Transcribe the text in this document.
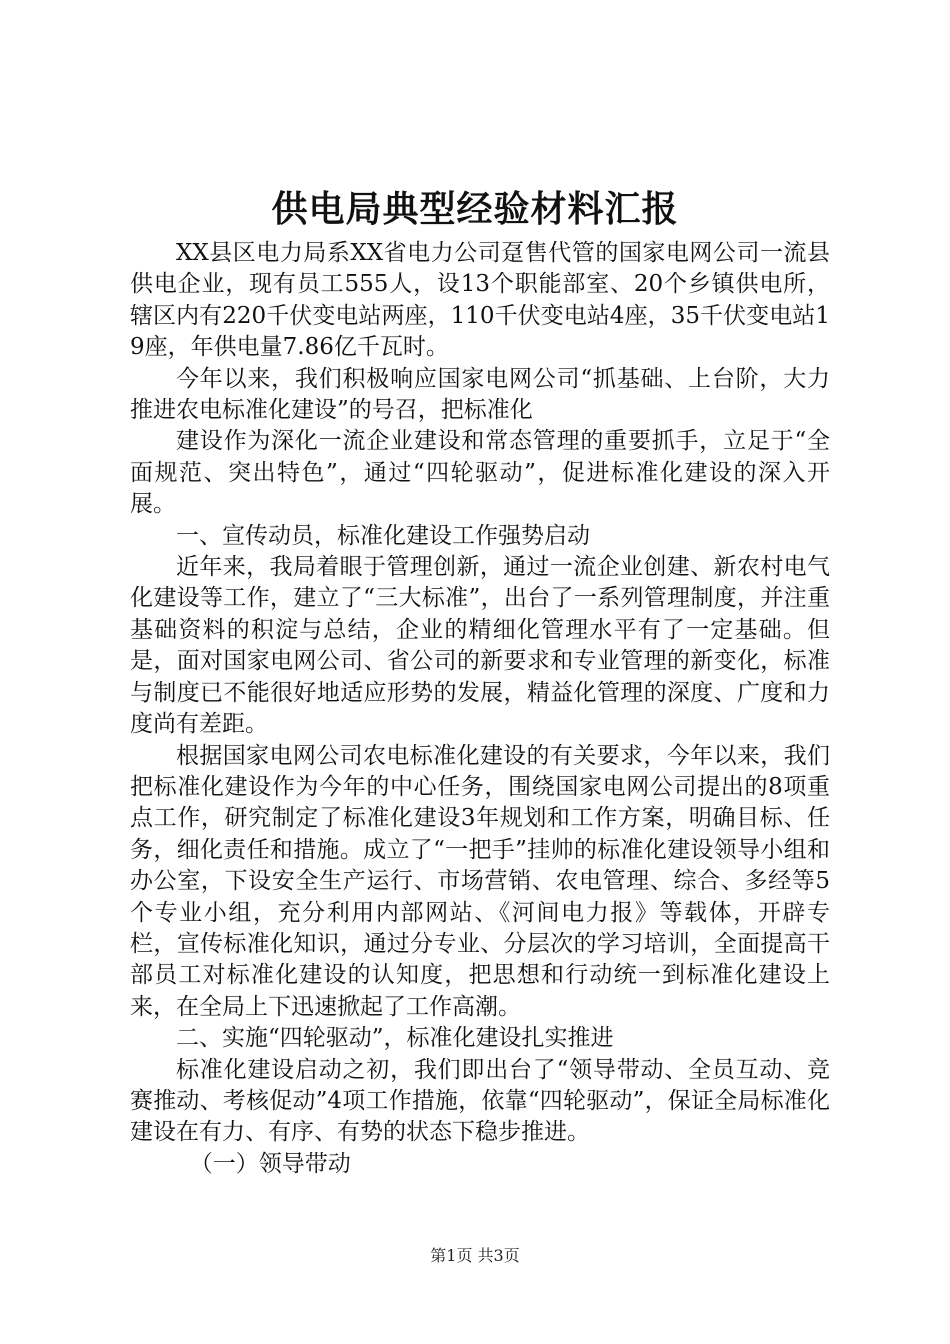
供电局典型经验材料汇报

XX县区电力局系XX省电力公司趸售代管的国家电网公司一流县供电企业，现有员工555人，设13个职能部室、20个乡镇供电所，辖区内有220千伏变电站两座，110千伏变电站4座，35千伏变电站19座，年供电量7.86亿千瓦时。

今年以来，我们积极响应国家电网公司“抓基础、上台阶，大力推进农电标准化建设”的号召，把标准化

建设作为深化一流企业建设和常态管理的重要抓手，立足于“全面规范、突出特色”，通过“四轮驱动”，促进标准化建设的深入开展。

一、宣传动员，标准化建设工作强势启动

近年来，我局着眼于管理创新，通过一流企业创建、新农村电气化建设等工作，建立了“三大标准”，出台了一系列管理制度，并注重基础资料的积淀与总结，企业的精细化管理水平有了一定基础。但是，面对国家电网公司、省公司的新要求和专业管理的新变化，标准与制度已不能很好地适应形势的发展，精益化管理的深度、广度和力度尚有差距。

根据国家电网公司农电标准化建设的有关要求，今年以来，我们把标准化建设作为今年的中心任务，围绕国家电网公司提出的8项重点工作，研究制定了标准化建设3年规划和工作方案，明确目标、任务，细化责任和措施。成立了“一把手”挂帅的标准化建设领导小组和办公室，下设安全生产运行、市场营销、农电管理、综合、多经等5个专业小组，充分利用内部网站、《河间电力报》等载体，开辟专栏，宣传标准化知识，通过分专业、分层次的学习培训，全面提高干部员工对标准化建设的认知度，把思想和行动统一到标准化建设上来，在全局上下迅速掀起了工作高潮。

二、实施“四轮驱动”，标准化建设扎实推进

标准化建设启动之初，我们即出台了“领导带动、全员互动、竞赛推动、考核促动”4项工作措施，依靠“四轮驱动”，保证全局标准化建设在有力、有序、有势的状态下稳步推进。

（一）领导带动

第1页 共3页
